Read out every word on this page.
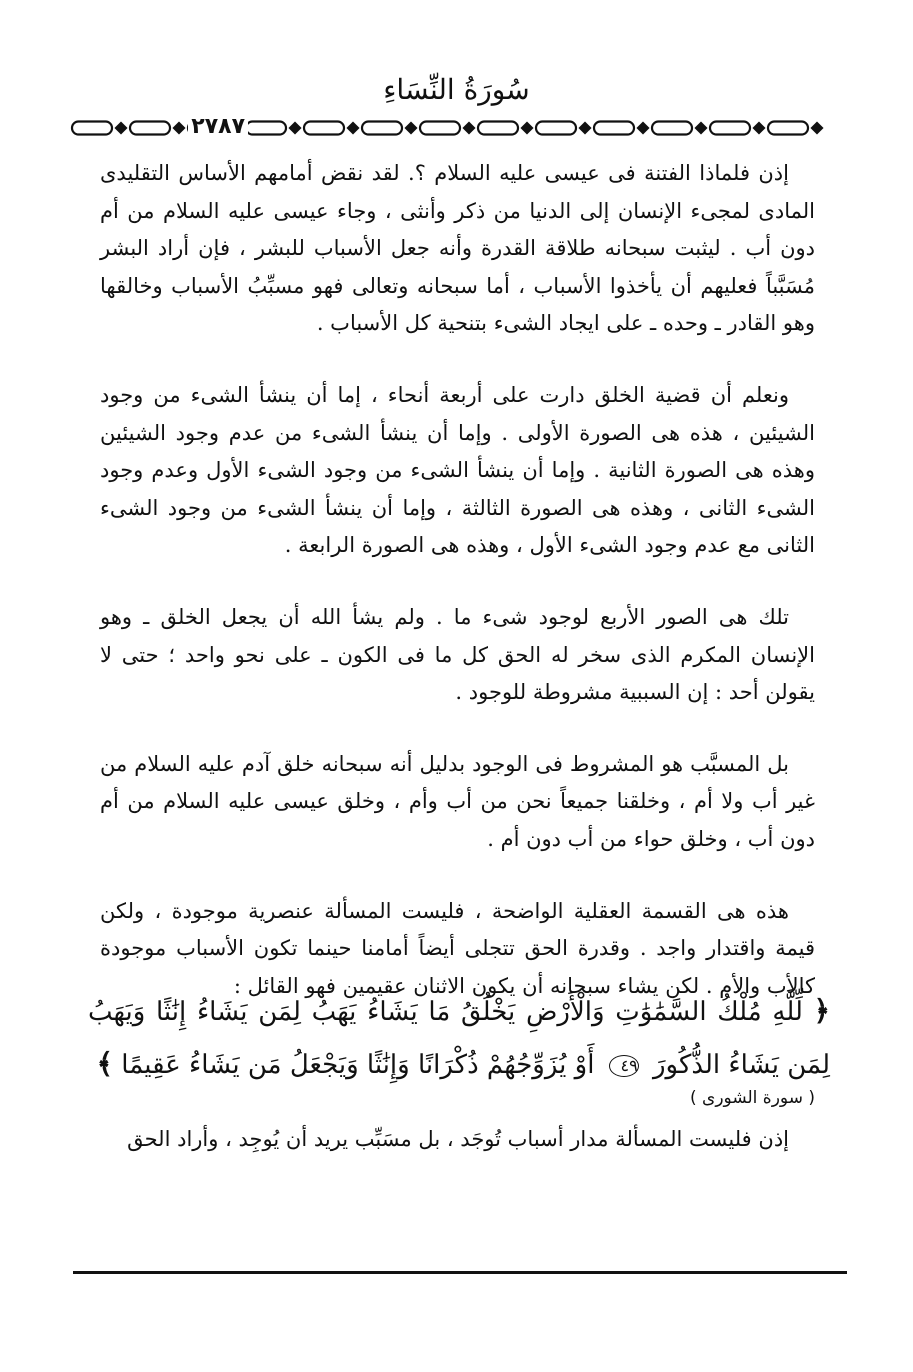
سُورَةُ النِّسَاءِ
٢٧٨٧

إذن فلماذا الفتنة فى عيسى عليه السلام ؟. لقد نقض أمامهم الأساس التقليدى المادى لمجىء الإنسان إلى الدنيا من ذكر وأنثى ، وجاء عيسى عليه السلام من أم دون أب . ليثبت سبحانه طلاقة القدرة وأنه جعل الأسباب للبشر ، فإن أراد البشر مُسَبَّباً فعليهم أن يأخذوا الأسباب ، أما سبحانه وتعالى فهو مسبِّبُ الأسباب وخالقها وهو القادر ـ وحده ـ على ايجاد الشىء بتنحية كل الأسباب .

ونعلم أن قضية الخلق دارت على أربعة أنحاء ، إما أن ينشأ الشىء من وجود الشيئين ، هذه هى الصورة الأولى . وإما أن ينشأ الشىء من عدم وجود الشيئين وهذه هى الصورة الثانية . وإما أن ينشأ الشىء من وجود الشىء الأول وعدم وجود الشىء الثانى ، وهذه هى الصورة الثالثة ، وإما أن ينشأ الشىء من وجود الشىء الثانى مع عدم وجود الشىء الأول ، وهذه هى الصورة الرابعة .

تلك هى الصور الأربع لوجود شىء ما . ولم يشأ الله أن يجعل الخلق ـ وهو الإنسان المكرم الذى سخر له الحق كل ما فى الكون ـ على نحو واحد ؛ حتى لا يقولن أحد : إن السببية مشروطة للوجود .

بل المسبَّب هو المشروط فى الوجود بدليل أنه سبحانه خلق آدم عليه السلام من غير أب ولا أم ، وخلقنا جميعاً نحن من أب وأم ، وخلق عيسى عليه السلام من أم دون أب ، وخلق حواء من أب دون أم .

هذه هى القسمة العقلية الواضحة ، فليست المسألة عنصرية موجودة ، ولكن قيمة واقتدار واجد . وقدرة الحق تتجلى أيضاً أمامنا حينما تكون الأسباب موجودة كالأب والأم . لكن يشاء سبحانه أن يكون الاثنان عقيمين فهو القائل :

﴿ لِّلَّهِ مُلْكُ السَّمَٰوَٰتِ وَالْأَرْضِ يَخْلُقُ مَا يَشَاءُ يَهَبُ لِمَن يَشَاءُ إِنَٰثًا وَيَهَبُ لِمَن يَشَاءُ الذُّكُورَ ٤٩ أَوْ يُزَوِّجُهُمْ ذُكْرَانًا وَإِنَٰثًا وَيَجْعَلُ مَن يَشَاءُ عَقِيمًا ﴾
( سورة الشورى )

إذن فليست المسألة مدار أسباب تُوجَد ، بل مسَبِّب يريد أن يُوجِد ، وأراد الحق
